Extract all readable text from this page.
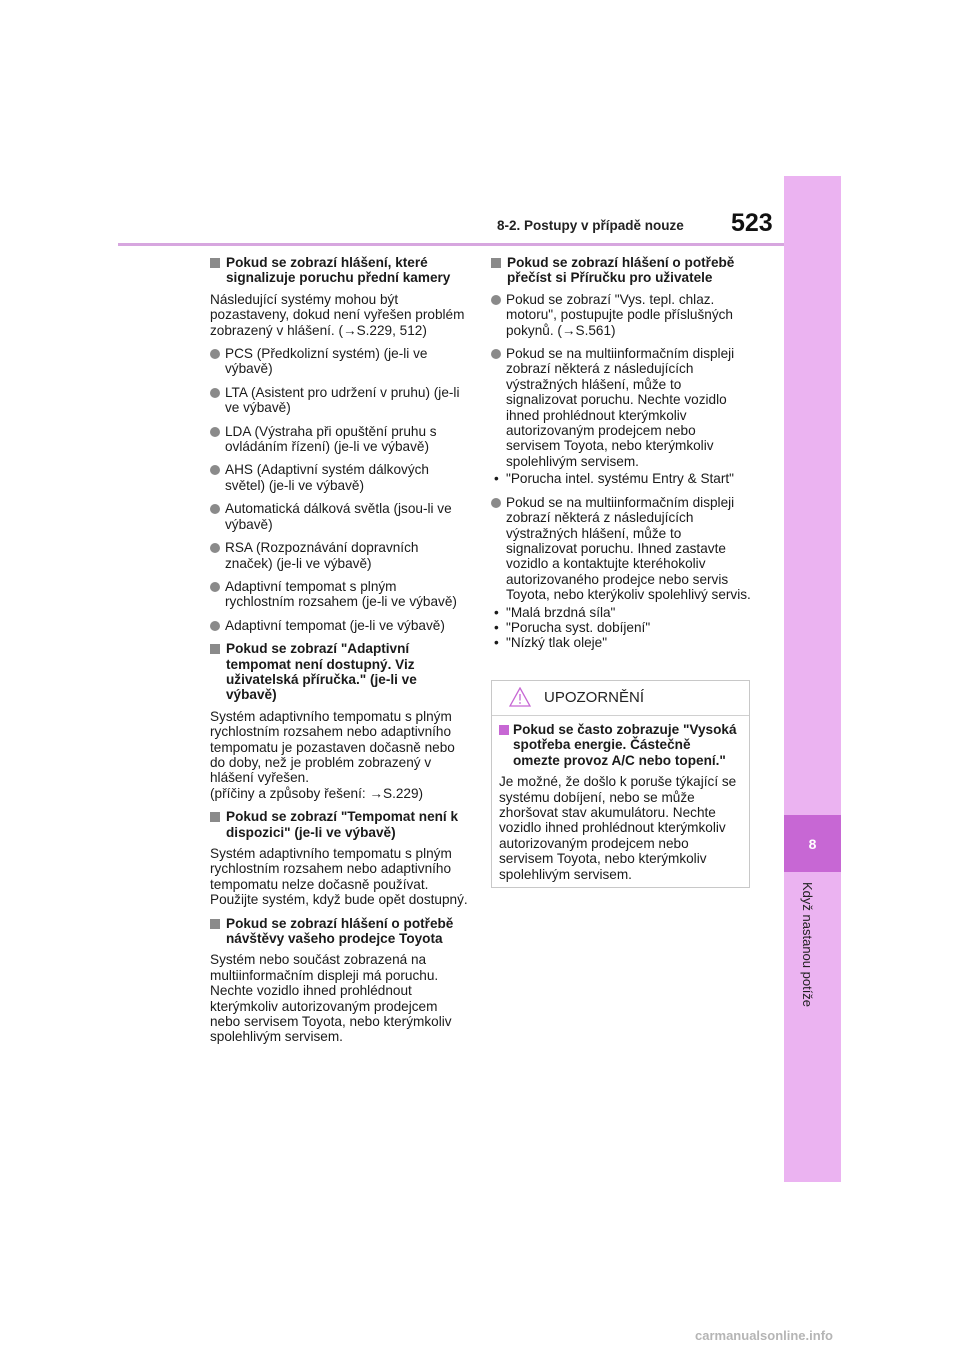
8-2. Postupy v případě nouze 523
8
Když nastanou potíže
Pokud se zobrazí hlášení, které signalizuje poruchu přední kamery
Následující systémy mohou být pozastaveny, dokud není vyřešen problém zobrazený v hlášení. (→S.229, 512)
PCS (Předkolizní systém) (je-li ve výbavě)
LTA (Asistent pro udržení v pruhu) (je-li ve výbavě)
LDA (Výstraha při opuštění pruhu s ovládáním řízení) (je-li ve výbavě)
AHS (Adaptivní systém dálkových světel) (je-li ve výbavě)
Automatická dálková světla (jsou-li ve výbavě)
RSA (Rozpoznávání dopravních značek) (je-li ve výbavě)
Adaptivní tempomat s plným rychlostním rozsahem (je-li ve výbavě)
Adaptivní tempomat (je-li ve výbavě)
Pokud se zobrazí "Adaptivní tempomat není dostupný. Viz uživatelská příručka." (je-li ve výbavě)
Systém adaptivního tempomatu s plným rychlostním rozsahem nebo adaptivního tempomatu je pozastaven dočasně nebo do doby, než je problém zobrazený v hlášení vyřešen.
(příčiny a způsoby řešení: →S.229)
Pokud se zobrazí "Tempomat není k dispozici" (je-li ve výbavě)
Systém adaptivního tempomatu s plným rychlostním rozsahem nebo adaptivního tempomatu nelze dočasně používat. Použijte systém, když bude opět dostupný.
Pokud se zobrazí hlášení o potřebě návštěvy vašeho prodejce Toyota
Systém nebo součást zobrazená na multiinformačním displeji má poruchu. Nechte vozidlo ihned prohlédnout kterýmkoliv autorizovaným prodejcem nebo servisem Toyota, nebo kterýmkoliv spolehlivým servisem.
Pokud se zobrazí hlášení o potřebě přečíst si Příručku pro uživatele
Pokud se zobrazí "Vys. tepl. chlaz. motoru", postupujte podle příslušných pokynů. (→S.561)
Pokud se na multiinformačním displeji zobrazí některá z následujících výstražných hlášení, může to signalizovat poruchu. Nechte vozidlo ihned prohlédnout kterýmkoliv autorizovaným prodejcem nebo servisem Toyota, nebo kterýmkoliv spolehlivým servisem.
• "Porucha intel. systému Entry & Start"
Pokud se na multiinformačním displeji zobrazí některá z následujících výstražných hlášení, může to signalizovat poruchu. Ihned zastavte vozidlo a kontaktujte kteréhokoliv autorizovaného prodejce nebo servis Toyota, nebo kterýkoliv spolehlivý servis.
• "Malá brzdná síla"
• "Porucha syst. dobíjení"
• "Nízký tlak oleje"
UPOZORNĚNÍ
Pokud se často zobrazuje "Vysoká spotřeba energie. Částečně omezte provoz A/C nebo topení."
Je možné, že došlo k poruše týkající se systému dobíjení, nebo se může zhoršovat stav akumulátoru. Nechte vozidlo ihned prohlédnout kterýmkoliv autorizovaným prodejcem nebo servisem Toyota, nebo kterýmkoliv spolehlivým servisem.
carmanualsonline.info
